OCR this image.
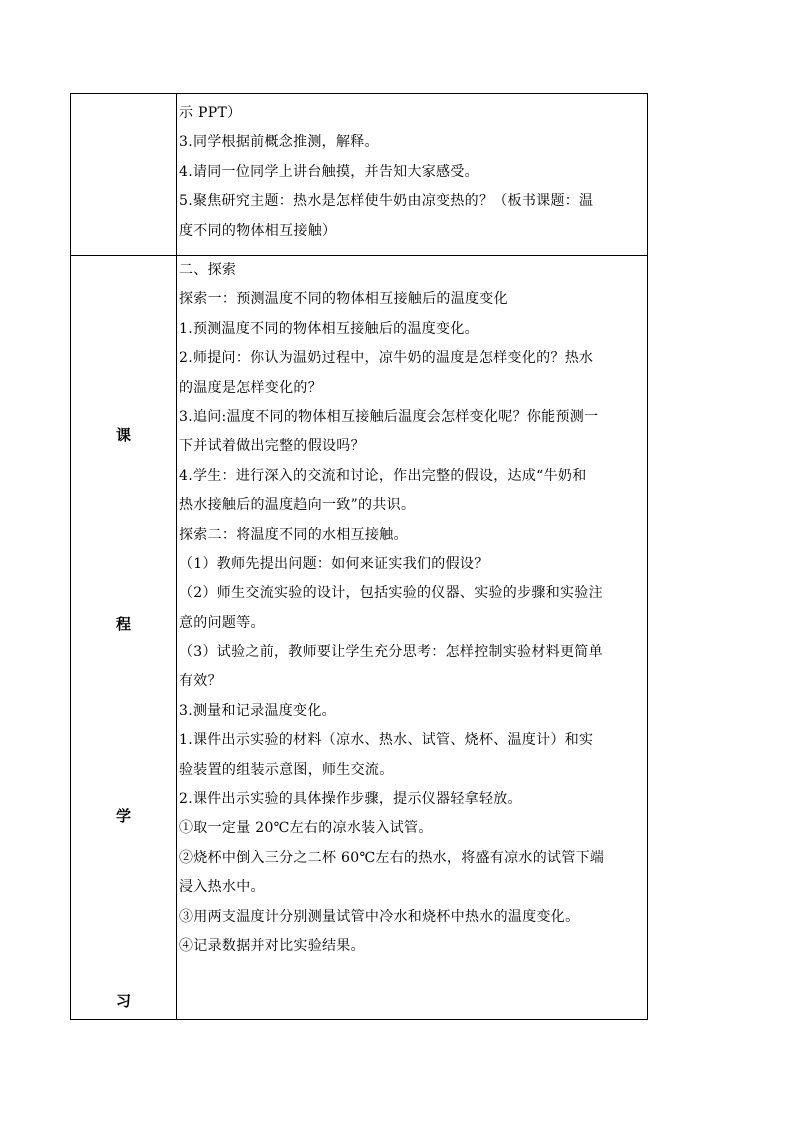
示 PPT）
3.同学根据前概念推测，解释。
4.请同一位同学上讲台触摸，并告知大家感受。
5.聚焦研究主题：热水是怎样使牛奶由凉变热的？（板书课题：温
度不同的物体相互接触）
课
程
学
习
二、探索
探索一：预测温度不同的物体相互接触后的温度变化
1.预测温度不同的物体相互接触后的温度变化。
2.师提问：你认为温奶过程中，凉牛奶的温度是怎样变化的？热水
的温度是怎样变化的？
3.追问:温度不同的物体相互接触后温度会怎样变化呢？你能预测一
下并试着做出完整的假设吗？
4.学生：进行深入的交流和讨论，作出完整的假设，达成“牛奶和
热水接触后的温度趋向一致”的共识。
探索二：将温度不同的水相互接触。
（1）教师先提出问题：如何来证实我们的假设？
（2）师生交流实验的设计，包括实验的仪器、实验的步骤和实验注
意的问题等。
（3）试验之前，教师要让学生充分思考：怎样控制实验材料更简单
有效？
3.测量和记录温度变化。
1.课件出示实验的材料（凉水、热水、试管、烧杯、温度计）和实
验装置的组装示意图，师生交流。
2.课件出示实验的具体操作步骤，提示仪器轻拿轻放。
①取一定量 20℃左右的凉水装入试管。
②烧杯中倒入三分之二杯 60℃左右的热水，将盛有凉水的试管下端
浸入热水中。
③用两支温度计分别测量试管中冷水和烧杯中热水的温度变化。
④记录数据并对比实验结果。
